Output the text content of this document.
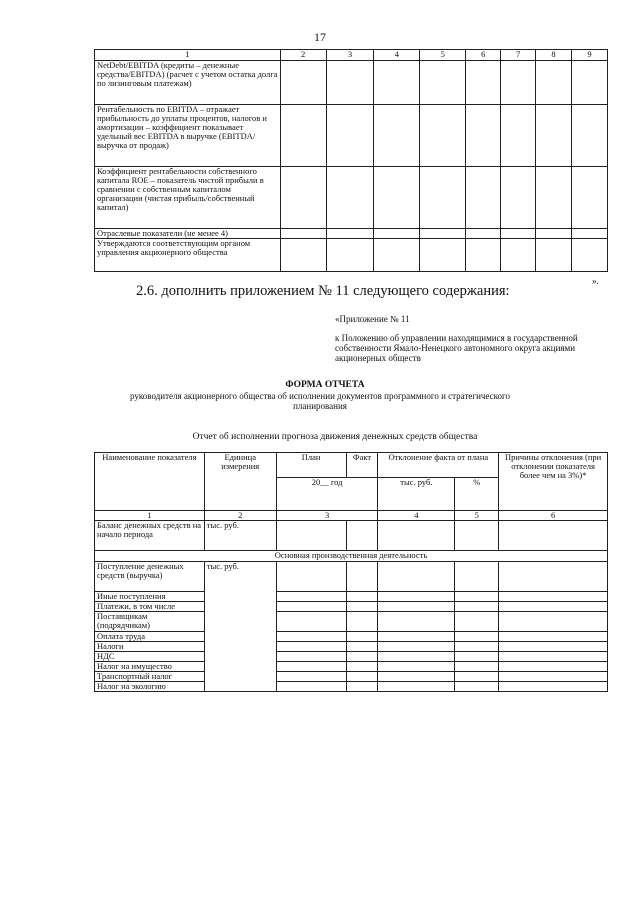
17
1	2	3	4	5	6	7	8	9
NetDebt/EBITDA (кредиты – денежные средства/EBITDA) (расчет с учетом остатка долга по лизинговым платежам)								
Рентабельность по EBITDA – отражает прибыльность до уплаты процентов, налогов и амортизации – коэффициент показывает удельный вес EBITDA в выручке (EBITDA/выручка от продаж)								
Коэффициент рентабельности собственного капитала ROE – показатель чистой прибыли в сравнении с собственным капиталом организации (чистая прибыль/собственный капитал)								
Отраслевые показатели (не менее 4)								
Утверждаются соответствующим органом управления акционерного общества								
».
2.6. дополнить приложением № 11 следующего содержания:
«Приложение № 11
к Положению об управлении находящимися в государственной собственности Ямало-Ненецкого автономного округа акциями акционерных обществ
ФОРМА ОТЧЕТА
руководителя акционерного общества об исполнении документов программного и стратегического планирования
Отчет об исполнении прогноза движения денежных средств общества
Наименование показателя	Единица измерения	План	Факт	Отклонение факта от плана		Причины отклонения (при отклонении показателя более чем на 3%)*
		20__ год		тыс. руб.	%	
1	2	3		4	5	6
Баланс денежных средств на начало периода	тыс. руб.					
Основная производственная деятельность						
Поступление денежных средств (выручка)	тыс. руб.					
Иные поступления						
Платежи, в том числе						
Поставщикам (подрядчикам)						
Оплата труда						
Налоги						
НДС						
Налог на имущество						
Транспортный налог						
Налог на экологию						
